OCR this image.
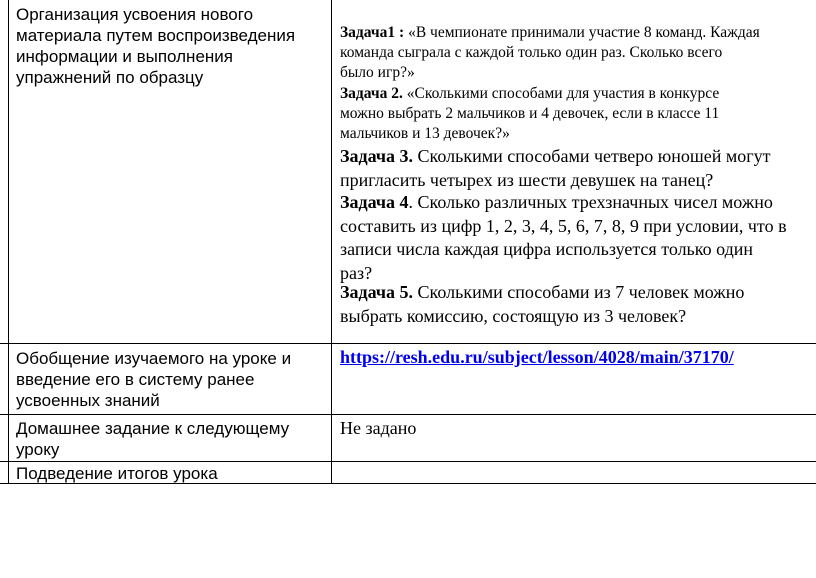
Организация усвоения нового
материала путем воспроизведения
информации и выполнения
упражнений по образцу
Задача1 : «В чемпионате принимали участие 8 команд. Каждая
команда сыграла с каждой только один раз. Сколько всего
было игр?»
Задача 2. «Сколькими способами для участия в конкурсе
можно выбрать 2 мальчиков и 4 девочек, если в классе 11
мальчиков и 13 девочек?»
Задача 3. Сколькими способами четверо юношей могут
пригласить четырех из шести девушек на танец?
Задача 4. Сколько различных трехзначных чисел можно
составить из цифр 1, 2, 3, 4, 5, 6, 7, 8, 9 при условии, что в
записи числа каждая цифра используется только один
раз?
Задача 5. Сколькими способами из 7 человек можно
выбрать комиссию, состоящую из 3 человек?
Обобщение изучаемого на уроке и
введение его в систему ранее
усвоенных знаний
https://resh.edu.ru/subject/lesson/4028/main/37170/
Домашнее задание к следующему
уроку
Не задано
Подведение итогов урока
